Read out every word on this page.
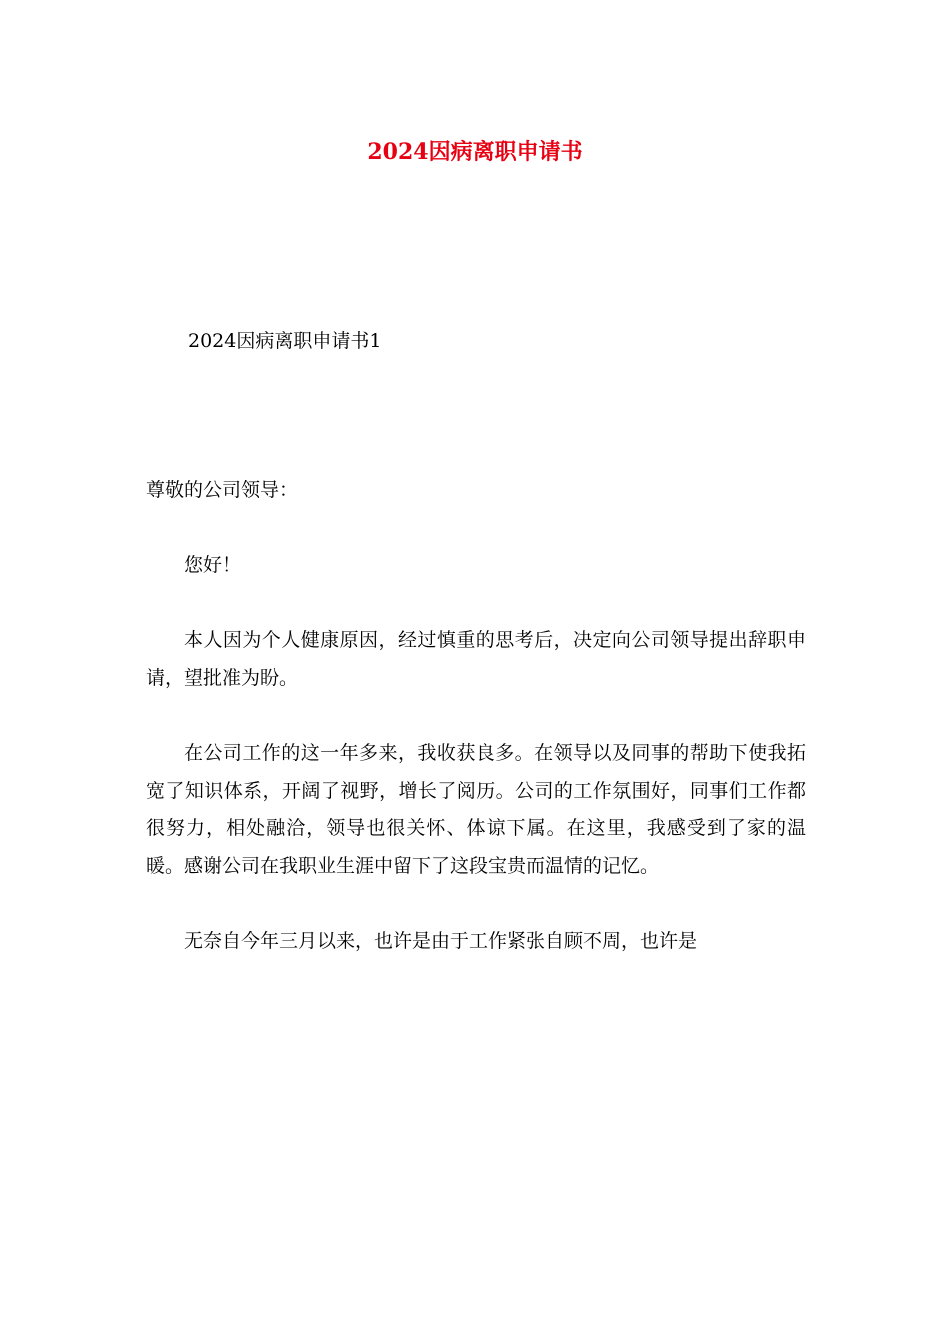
2024因病离职申请书

2024因病离职申请书1

尊敬的公司领导：

您好！

本人因为个人健康原因，经过慎重的思考后，决定向公司领导提出辞职申请，望批准为盼。

在公司工作的这一年多来，我收获良多。在领导以及同事的帮助下使我拓宽了知识体系，开阔了视野，增长了阅历。公司的工作氛围好，同事们工作都很努力，相处融洽，领导也很关怀、体谅下属。在这里，我感受到了家的温暖。感谢公司在我职业生涯中留下了这段宝贵而温情的记忆。

无奈自今年三月以来，也许是由于工作紧张自顾不周，也许是
